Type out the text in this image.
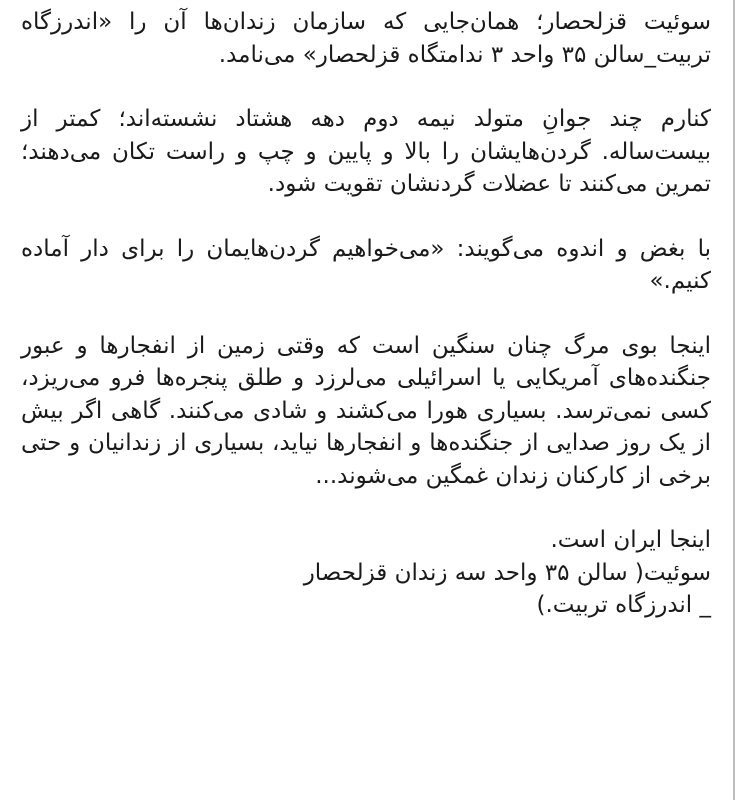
سوئیت قزلحصار؛ همان‌جایی که سازمان زندان‌ها آن را «اندرزگاه تربیت_سالن ۳۵ واحد ۳ ندامتگاه قزلحصار» می‌نامد.

کنارم چند جوانِ متولد نیمه دوم دهه هشتاد نشسته‌اند؛ کمتر از بیست‌ساله. گردن‌هایشان را بالا و پایین و چپ و راست تکان می‌دهند؛ تمرین می‌کنند تا عضلات گردنشان تقویت شود.

با بغض و اندوه می‌گویند: «می‌خواهیم گردن‌هایمان را برای دار آماده کنیم.»

اینجا بوی مرگ چنان سنگین است که وقتی زمین از انفجارها و عبور جنگنده‌های آمریکایی یا اسرائیلی می‌لرزد و طلق پنجره‌ها فرو می‌ریزد، کسی نمی‌ترسد. بسیاری هورا می‌کشند و شادی می‌کنند. گاهی اگر بیش از یک روز صدایی از جنگنده‌ها و انفجارها نیاید، بسیاری از زندانیان و حتی برخی از کارکنان زندان غمگین می‌شوند...

اینجا ایران است.
سوئیت( سالن ۳۵ واحد سه زندان قزلحصار
_ اندرزگاه تربیت.)
